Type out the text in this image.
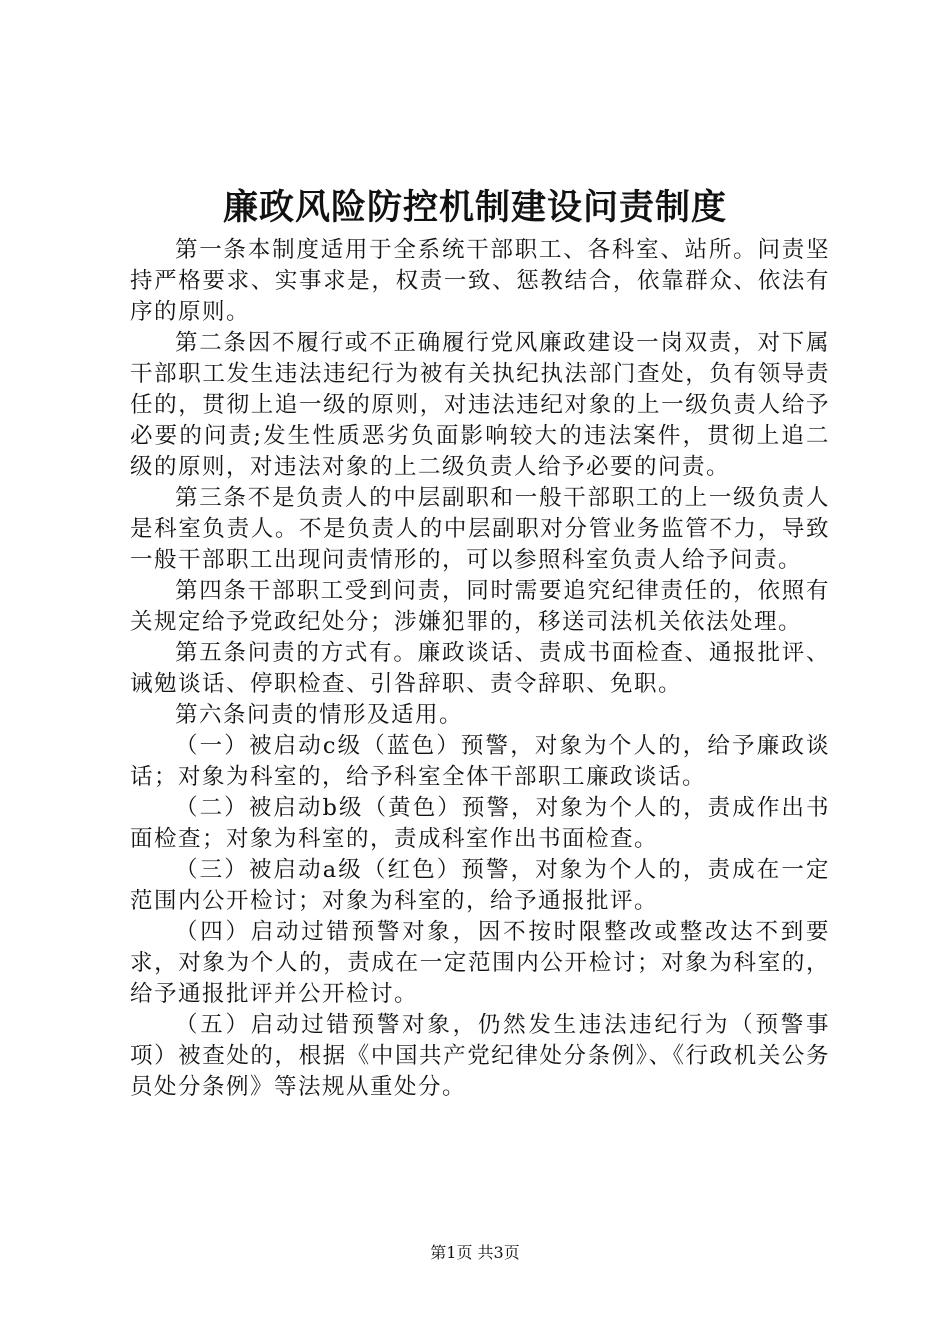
廉政风险防控机制建设问责制度

第一条本制度适用于全系统干部职工、各科室、站所。问责坚持严格要求、实事求是，权责一致、惩教结合，依靠群众、依法有序的原则。

第二条因不履行或不正确履行党风廉政建设一岗双责，对下属干部职工发生违法违纪行为被有关执纪执法部门查处，负有领导责任的，贯彻上追一级的原则，对违法违纪对象的上一级负责人给予必要的问责;发生性质恶劣负面影响较大的违法案件，贯彻上追二级的原则，对违法对象的上二级负责人给予必要的问责。

第三条不是负责人的中层副职和一般干部职工的上一级负责人是科室负责人。不是负责人的中层副职对分管业务监管不力，导致一般干部职工出现问责情形的，可以参照科室负责人给予问责。

第四条干部职工受到问责，同时需要追究纪律责任的，依照有关规定给予党政纪处分；涉嫌犯罪的，移送司法机关依法处理。

第五条问责的方式有。廉政谈话、责成书面检查、通报批评、诫勉谈话、停职检查、引咎辞职、责令辞职、免职。

第六条问责的情形及适用。

（一）被启动c级（蓝色）预警，对象为个人的，给予廉政谈话；对象为科室的，给予科室全体干部职工廉政谈话。

（二）被启动b级（黄色）预警，对象为个人的，责成作出书面检查；对象为科室的，责成科室作出书面检查。

（三）被启动a级（红色）预警，对象为个人的，责成在一定范围内公开检讨；对象为科室的，给予通报批评。

（四）启动过错预警对象，因不按时限整改或整改达不到要求，对象为个人的，责成在一定范围内公开检讨；对象为科室的，给予通报批评并公开检讨。

（五）启动过错预警对象，仍然发生违法违纪行为（预警事项）被查处的，根据《中国共产党纪律处分条例》、《行政机关公务员处分条例》等法规从重处分。

第1页 共3页
